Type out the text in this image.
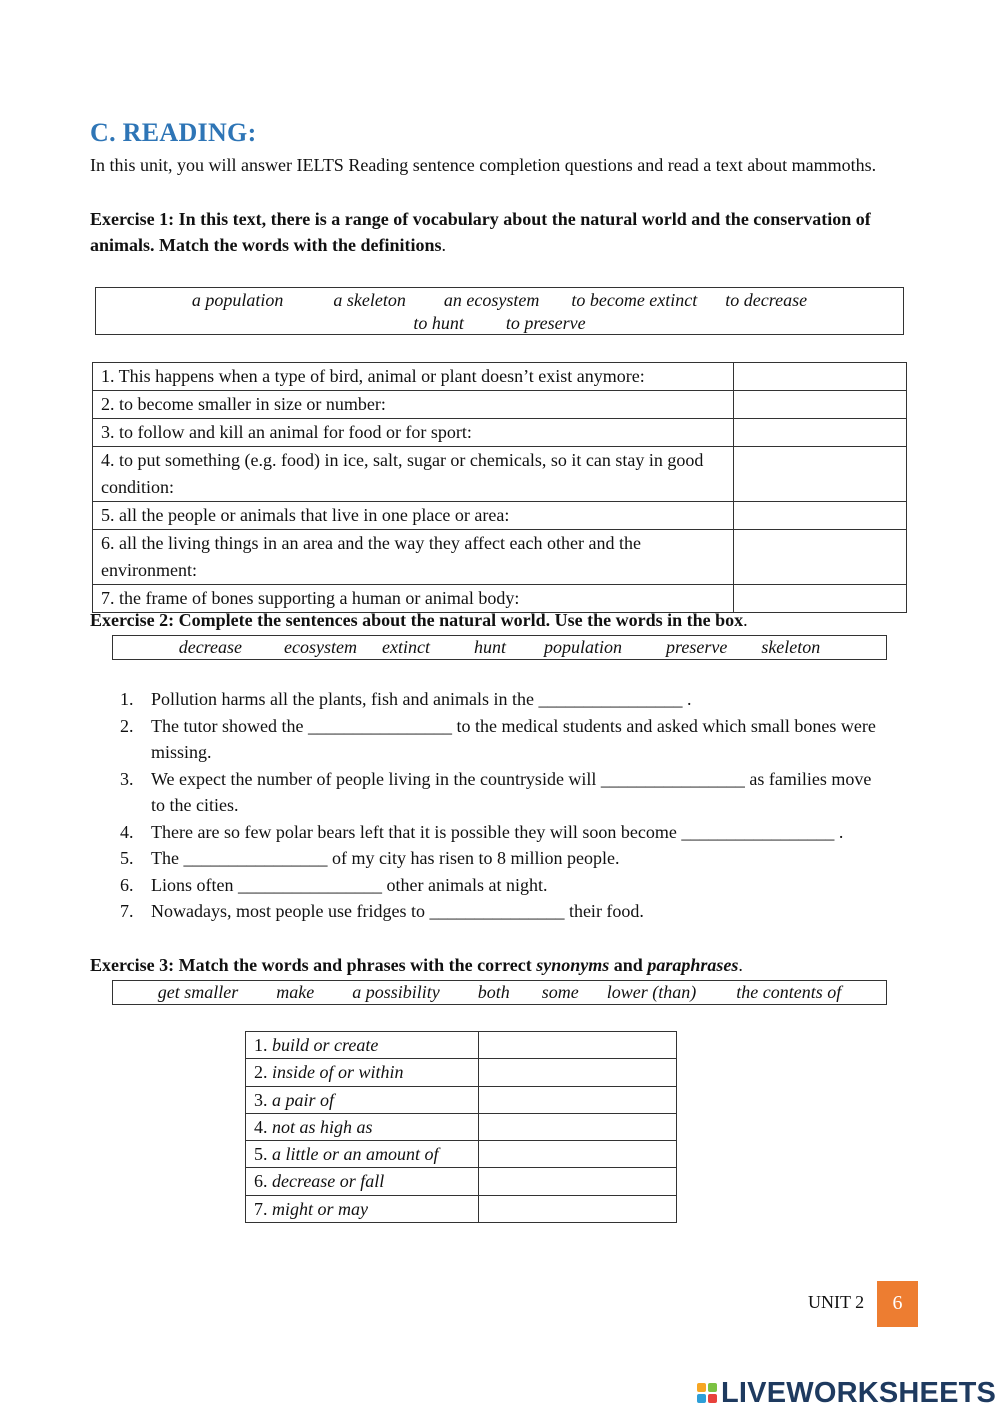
C. READING:
In this unit, you will answer IELTS Reading sentence completion questions and read a text about mammoths.
Exercise 1: In this text, there is a range of vocabulary about the natural world and the conservation of animals. Match the words with the definitions.
a population	a skeleton an ecosystem to become extinct to decrease
to hunt to preserve
1. This happens when a type of bird, animal or plant doesn’t exist anymore:	
2. to become smaller in size or number:	
3. to follow and kill an animal for food or for sport:	
4. to put something (e.g. food) in ice, salt, sugar or chemicals, so it can stay in good condition:	
5. all the people or animals that live in one place or area:	
6. all the living things in an area and the way they affect each other and the environment:	
7. the frame of bones supporting a human or animal body:	
Exercise 2: Complete the sentences about the natural world. Use the words in the box.
decrease ecosystem extinct hunt population preserve skeleton
1. Pollution harms all the plants, fish and animals in the ________________ .
2. The tutor showed the ________________ to the medical students and asked which small bones were missing.
3. We expect the number of people living in the countryside will ________________ as families move to the cities.
4. There are so few polar bears left that it is possible they will soon become _________________ .
5. The ________________ of my city has risen to 8 million people.
6. Lions often ________________ other animals at night.
7. Nowadays, most people use fridges to _______________ their food.
Exercise 3: Match the words and phrases with the correct synonyms and paraphrases.
get smaller make a possibility both some lower (than) the contents of
1. build or create	
2. inside of or within	
3. a pair of	
4. not as high as	
5. a little or an amount of	
6. decrease or fall	
7. might or may	
UNIT 2	6
LIVEWORKSHEETS
